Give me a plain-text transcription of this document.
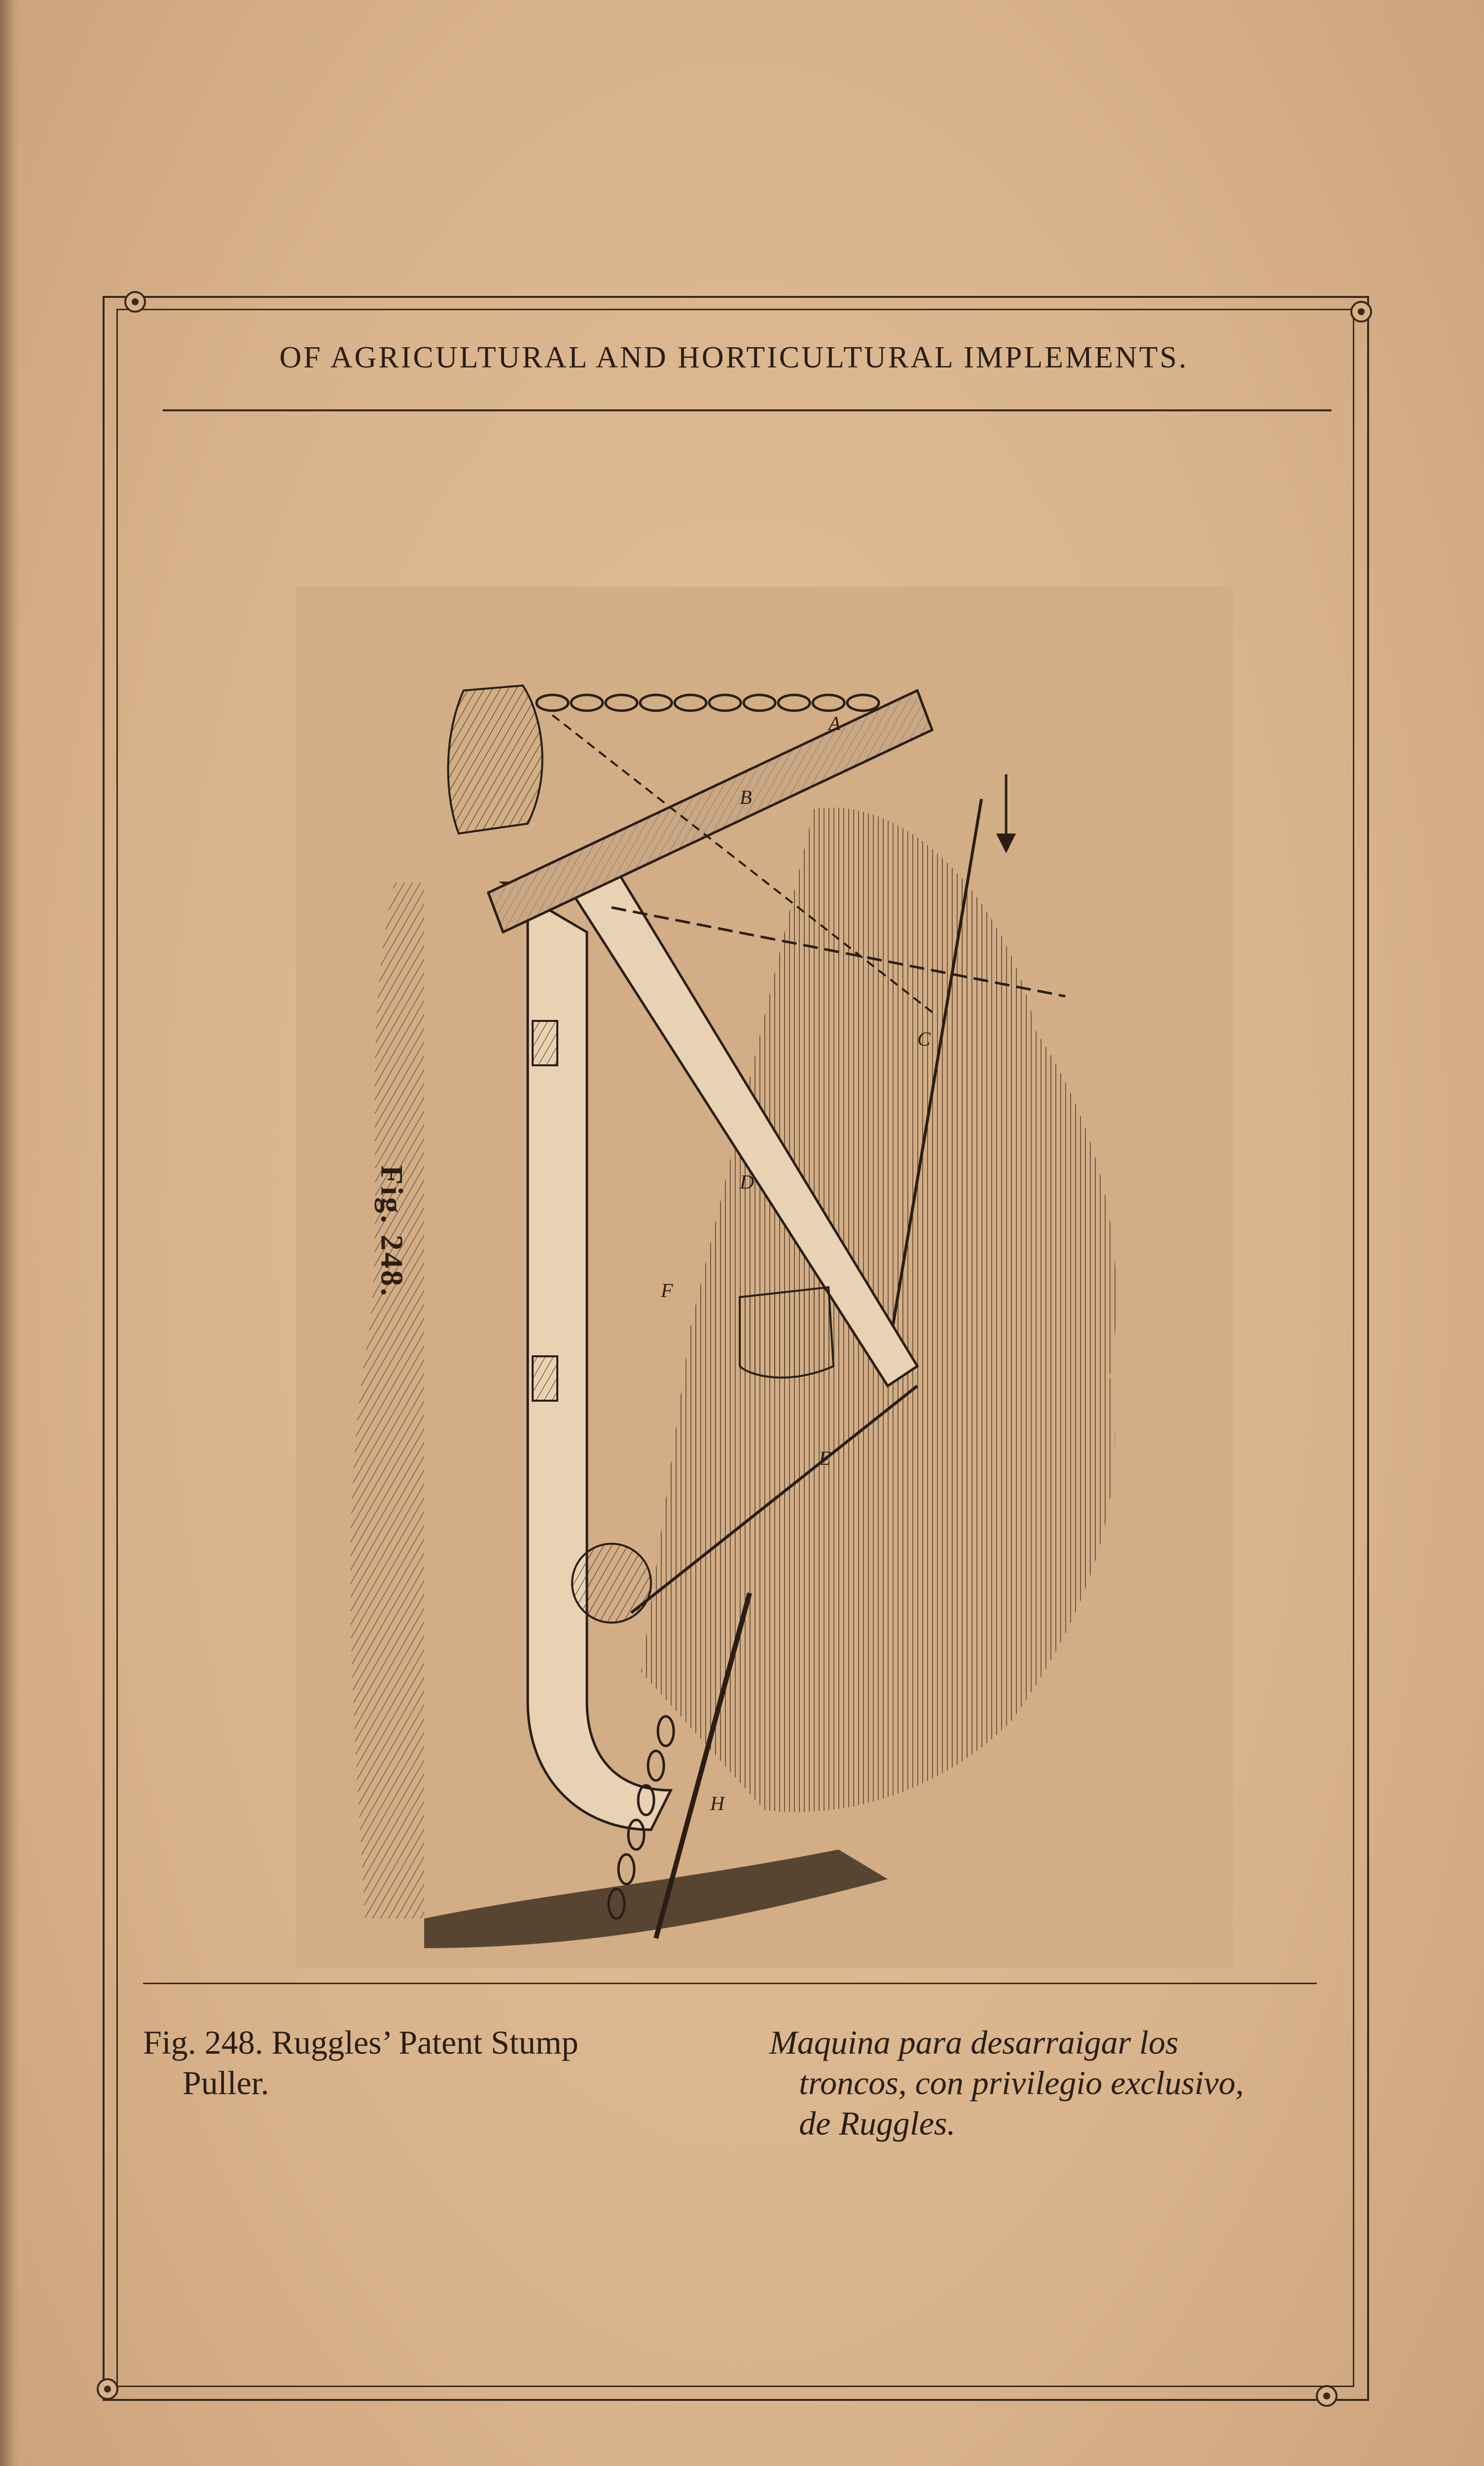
OF AGRICULTURAL AND HORTICULTURAL IMPLEMENTS.
A
B
C
D
E
F
H
Fig. 248.
Fig. 248. Ruggles’ Patent Stump
Puller.
Maquina para desarraigar los
troncos, con privilegio exclusivo,
de Ruggles.
